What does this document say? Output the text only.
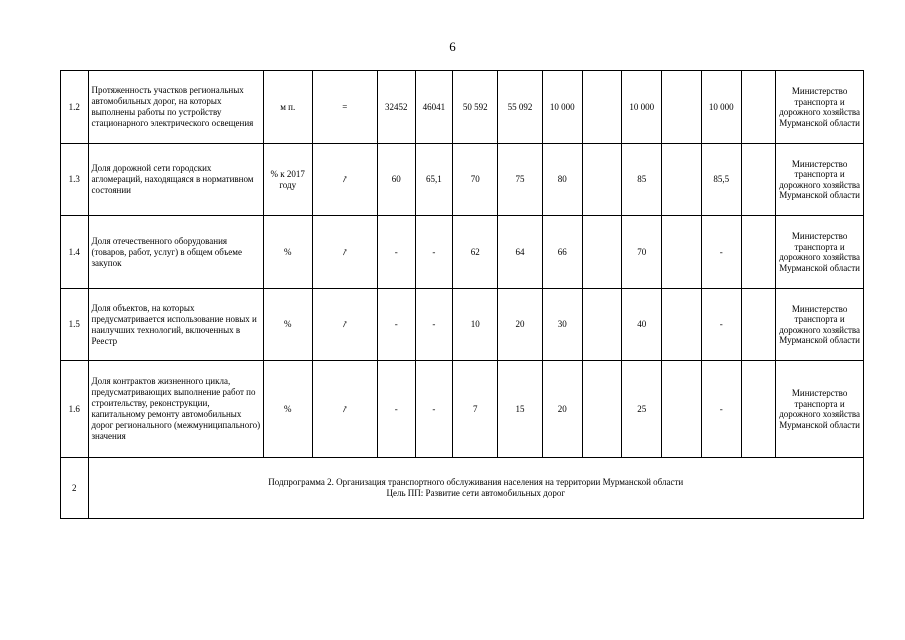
6
1.2	Протяженность участков региональных автомобильных дорог, на которых выполнены работы по устройству стационарного электрического освещения	м п.	=	32452	46041	50 592	55 092	10 000		10 000		10 000		Министерство транспорта и дорожного хозяйства Мурманской области
1.3	Доля дорожной сети городских агломераций, находящаяся в нормативном состоянии	% к 2017 году	↗	60	65,1	70	75	80		85		85,5		Министерство транспорта и дорожного хозяйства Мурманской области
1.4	Доля отечественного оборудования (товаров, работ, услуг) в общем объеме закупок	%	↗	-	-	62	64	66		70		-		Министерство транспорта и дорожного хозяйства Мурманской области
1.5	Доля объектов, на которых предусматривается использование новых и наилучших технологий, включенных в Реестр	%	↗	-	-	10	20	30		40		-		Министерство транспорта и дорожного хозяйства Мурманской области
1.6	Доля контрактов жизненного цикла, предусматривающих выполнение работ по строительству, реконструкции, капитальному ремонту автомобильных дорог регионального (межмуниципального) значения	%	↗	-	-	7	15	20		25		-		Министерство транспорта и дорожного хозяйства Мурманской области
2	Подпрограмма 2. Организация транспортного обслуживания населения на территории Мурманской области
Цель ПП: Развитие сети автомобильных дорог													
